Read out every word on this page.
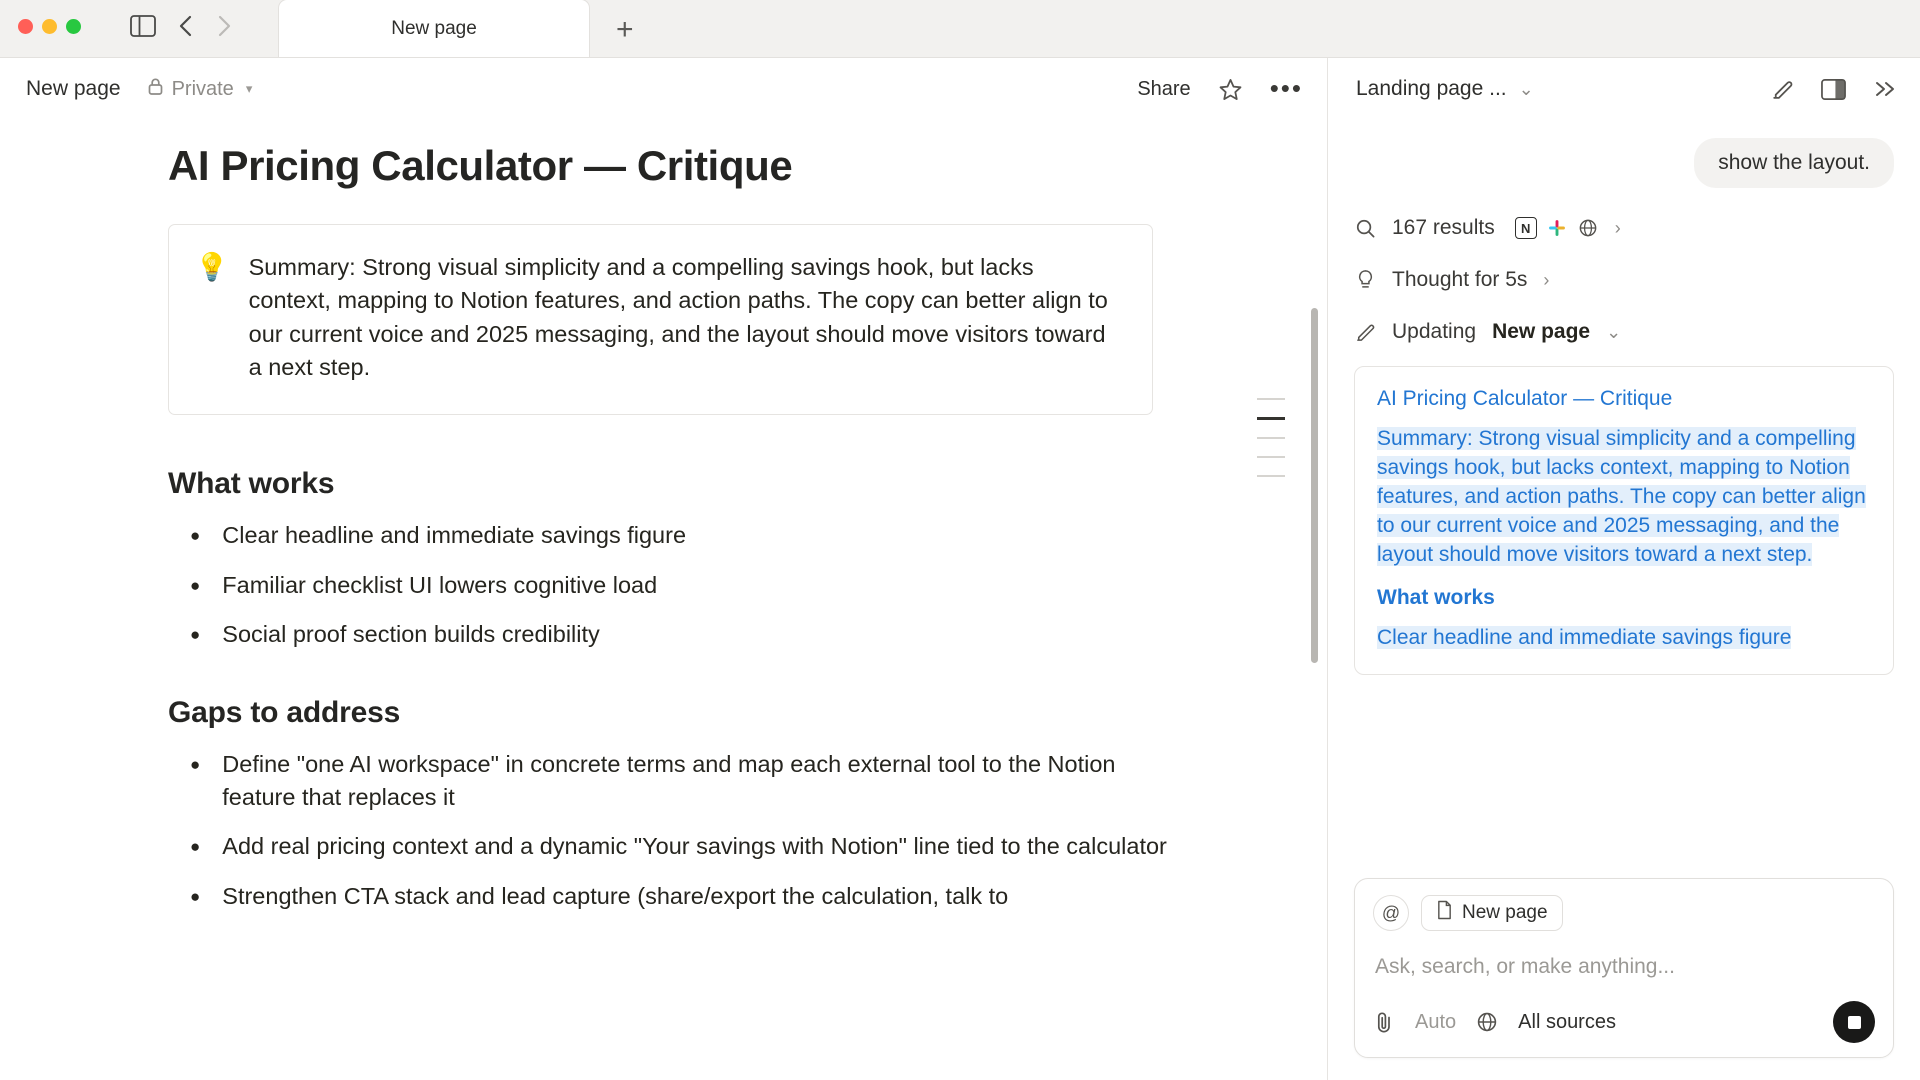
New page	+
New page	Private ▾	Share	•••
AI Pricing Calculator — Critique
💡 Summary: Strong visual simplicity and a compelling savings hook, but lacks context, mapping to Notion features, and action paths. The copy can better align to our current voice and 2025 messaging, and the layout should move visitors toward a next step.
What works
● Clear headline and immediate savings figure
● Familiar checklist UI lowers cognitive load
● Social proof section builds credibility
Gaps to address
● Define "one AI workspace" in concrete terms and map each external tool to the Notion feature that replaces it
● Add real pricing context and a dynamic "Your savings with Notion" line tied to the calculator
● Strengthen CTA stack and lead capture (share/export the calculation, talk to
Landing page ... ⌄
show the layout.
167 results	N	›
Thought for 5s ›
Updating New page ⌄
AI Pricing Calculator — Critique
Summary: Strong visual simplicity and a compelling savings hook, but lacks context, mapping to Notion features, and action paths. The copy can better align to our current voice and 2025 messaging, and the layout should move visitors toward a next step.
What works
Clear headline and immediate savings figure
@	New page
Ask, search, or make anything...
Auto	All sources
